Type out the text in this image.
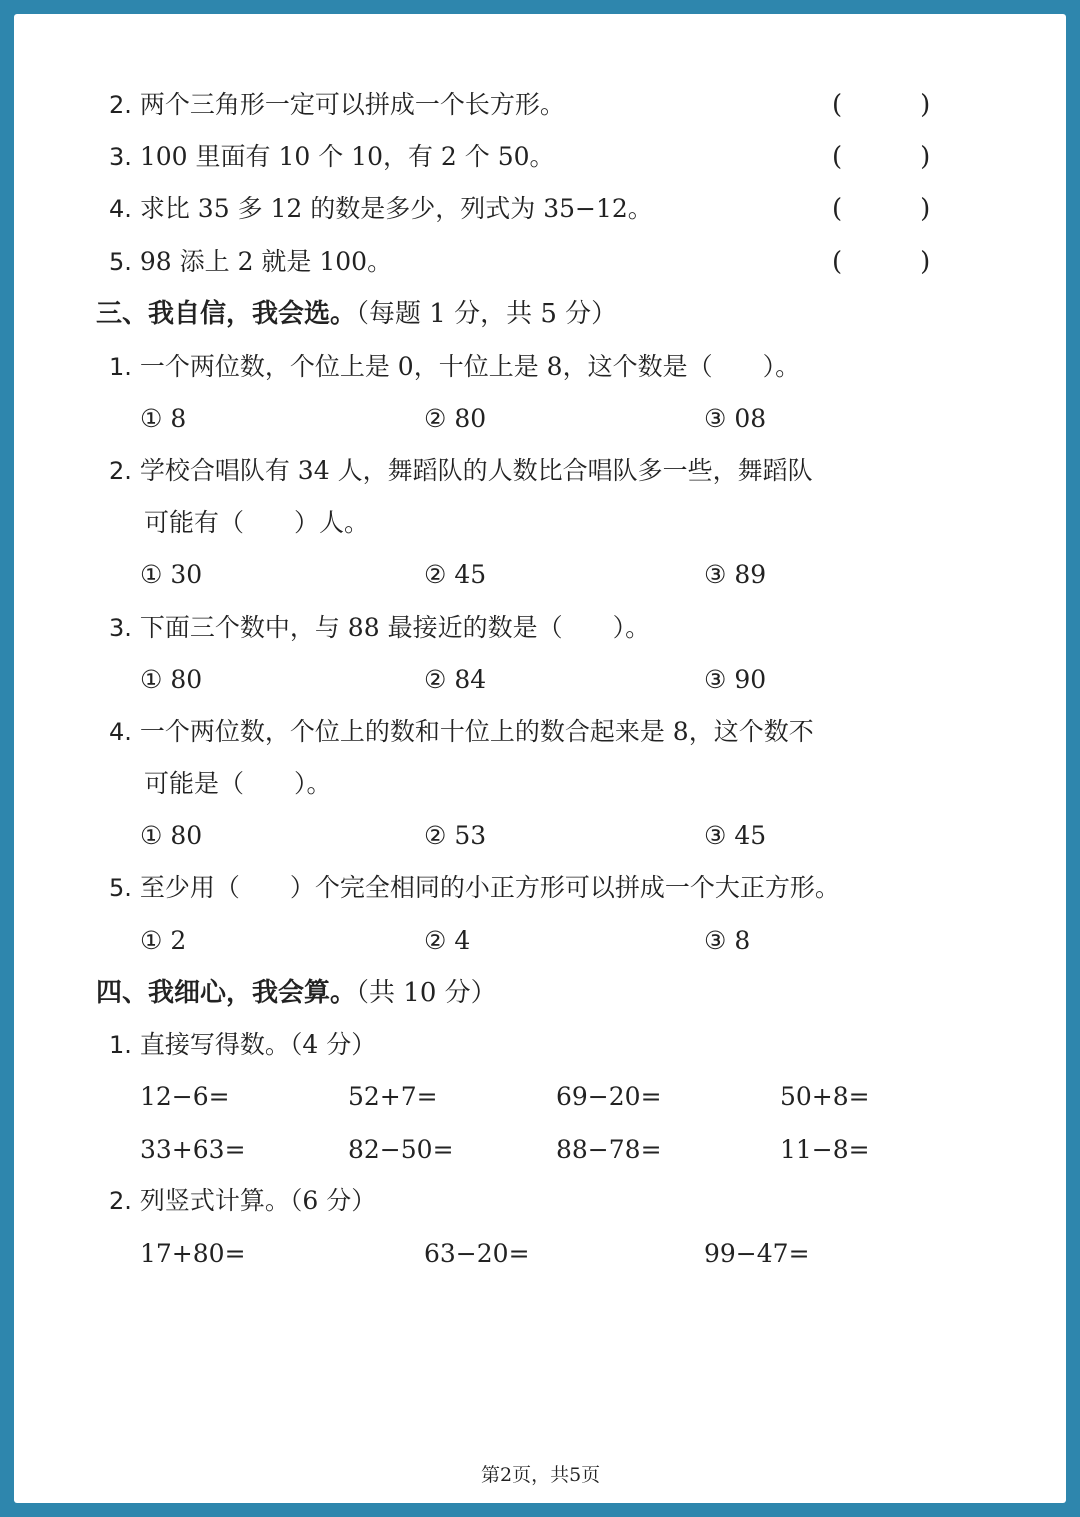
2. 两个三角形一定可以拼成一个长方形。	(　　　)
3. 100 里面有 10 个 10，有 2 个 50。	(　　　)
4. 求比 35 多 12 的数是多少，列式为 35−12。	(　　　)
5. 98 添上 2 就是 100。	(　　　)
三、我自信，我会选。（每题 1 分，共 5 分）
1. 一个两位数，个位上是 0，十位上是 8，这个数是（　　）。
① 8	② 80	③ 08
2. 学校合唱队有 34 人，舞蹈队的人数比合唱队多一些，舞蹈队
可能有（　　）人。
① 30	② 45	③ 89
3. 下面三个数中，与 88 最接近的数是（　　）。
① 80	② 84	③ 90
4. 一个两位数，个位上的数和十位上的数合起来是 8，这个数不
可能是（　　）。
① 80	② 53	③ 45
5. 至少用（　　）个完全相同的小正方形可以拼成一个大正方形。
① 2	② 4	③ 8
四、我细心，我会算。（共 10 分）
1. 直接写得数。（4 分）
12−6=	52+7=	69−20=	50+8=
33+63=	82−50=	88−78=	11−8=
2. 列竖式计算。（6 分）
17+80=	63−20=	99−47=
第2页，共5页
